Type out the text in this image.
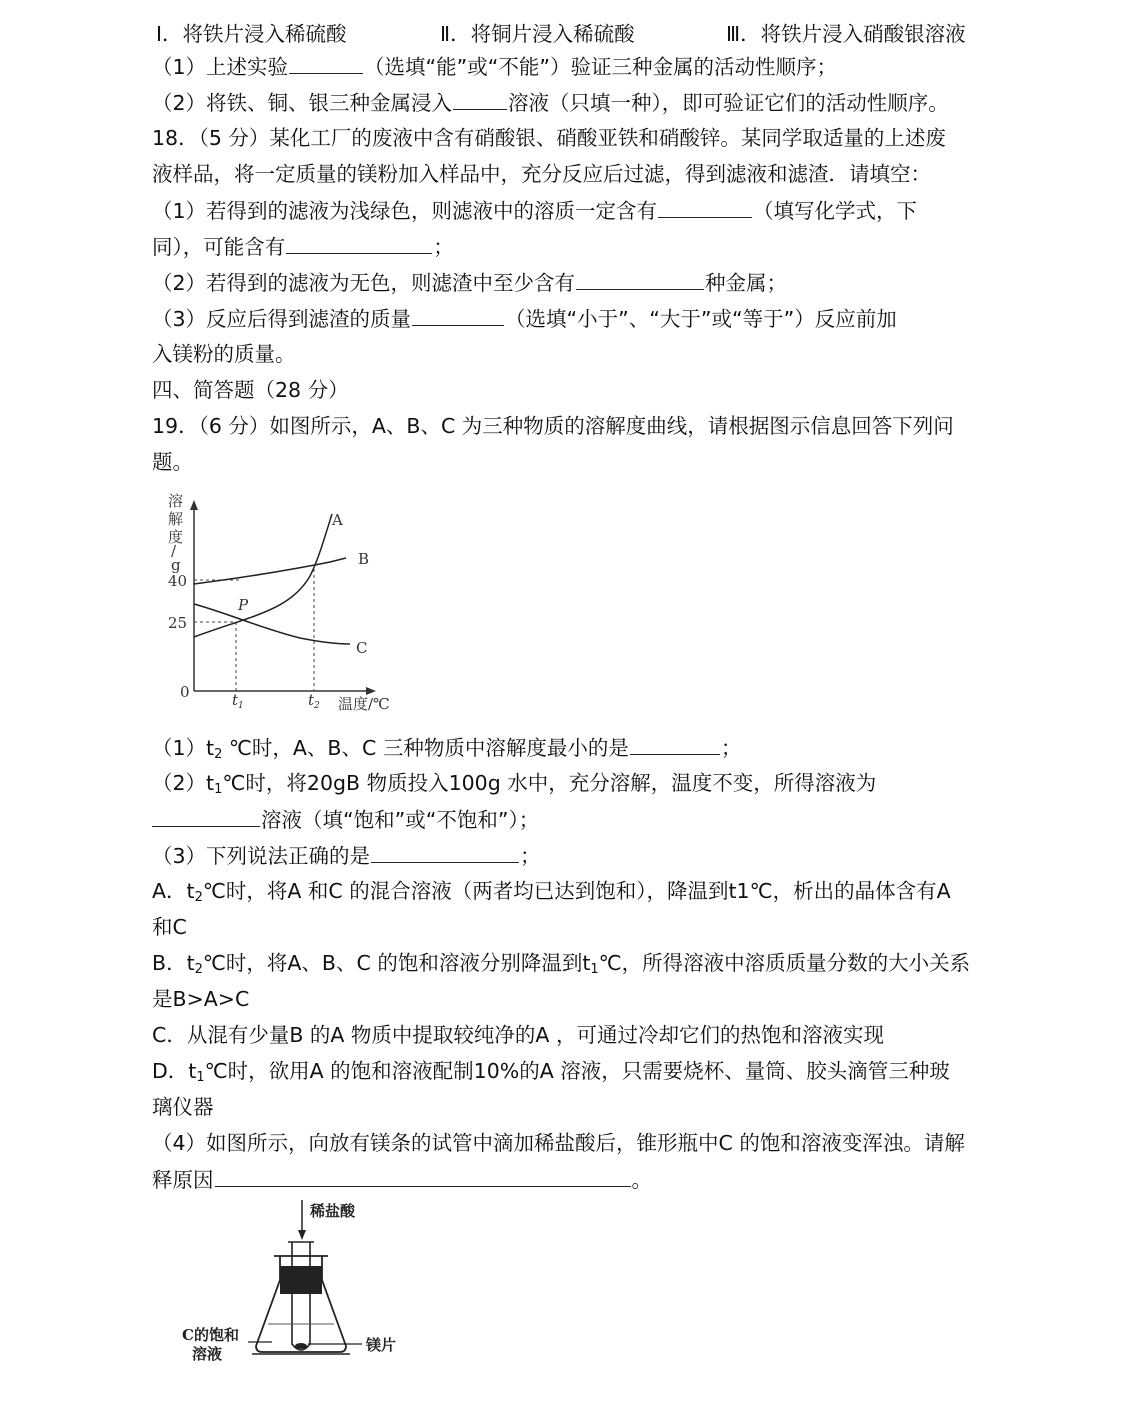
Ⅰ．将铁片浸入稀硫酸	Ⅱ．将铜片浸入稀硫酸	Ⅲ．将铁片浸入硝酸银溶液
（1）上述实验	（选填“能”或“不能”）验证三种金属的活动性顺序；
（2）将铁、铜、银三种金属浸入	溶液（只填一种），即可验证它们的活动性顺序。
18．（5 分）某化工厂的废液中含有硝酸银、硝酸亚铁和硝酸锌。某同学取适量的上述废
液样品，将一定质量的镁粉加入样品中，充分反应后过滤，得到滤液和滤渣．请填空：
（1）若得到的滤液为浅绿色，则滤液中的溶质一定含有	（填写化学式，下
同），可能含有	；
（2）若得到的滤液为无色，则滤渣中至少含有	种金属；
（3）反应后得到滤渣的质量	（选填“小于”、“大于”或“等于”）反应前加
入镁粉的质量。
四、简答题（28 分）
19．（6 分）如图所示，A、B、C 为三种物质的溶解度曲线，请根据图示信息回答下列问
题。
溶
解
度
/
g
40
25
0
A
B
C
P
$t_1$	$t_2$ 温度/℃
$(1)t_2$ ℃时，A、B、C 三种物质中溶解度最小的是	；
$(2)t_1℃$时，将20gB 物质投入100g 水中，充分溶解，温度不变，所得溶液为
溶液（填“饱和”或“不饱和”）；
（3）下列说法正确的是	；
A．$t_2℃$时，将A 和C 的混合溶液（两者均已达到饱和），降温到t1℃，析出的晶体含有A
和C
B．$t_2℃$时，将A、B、C 的饱和溶液分别降温到$t_1℃$，所得溶液中溶质质量分数的大小关系
是B>A>C
C．从混有少量B 的A 物质中提取较纯净的A ，可通过冷却它们的热饱和溶液实现
D．$t_1℃$时，欲用A 的饱和溶液配制10%的A 溶液，只需要烧杯、量筒、胶头滴管三种玻
璃仪器
（4）如图所示，向放有镁条的试管中滴加稀盐酸后，锥形瓶中C 的饱和溶液变浑浊。请解
释原因	。
稀盐酸
C的饱和
溶液	镁片
